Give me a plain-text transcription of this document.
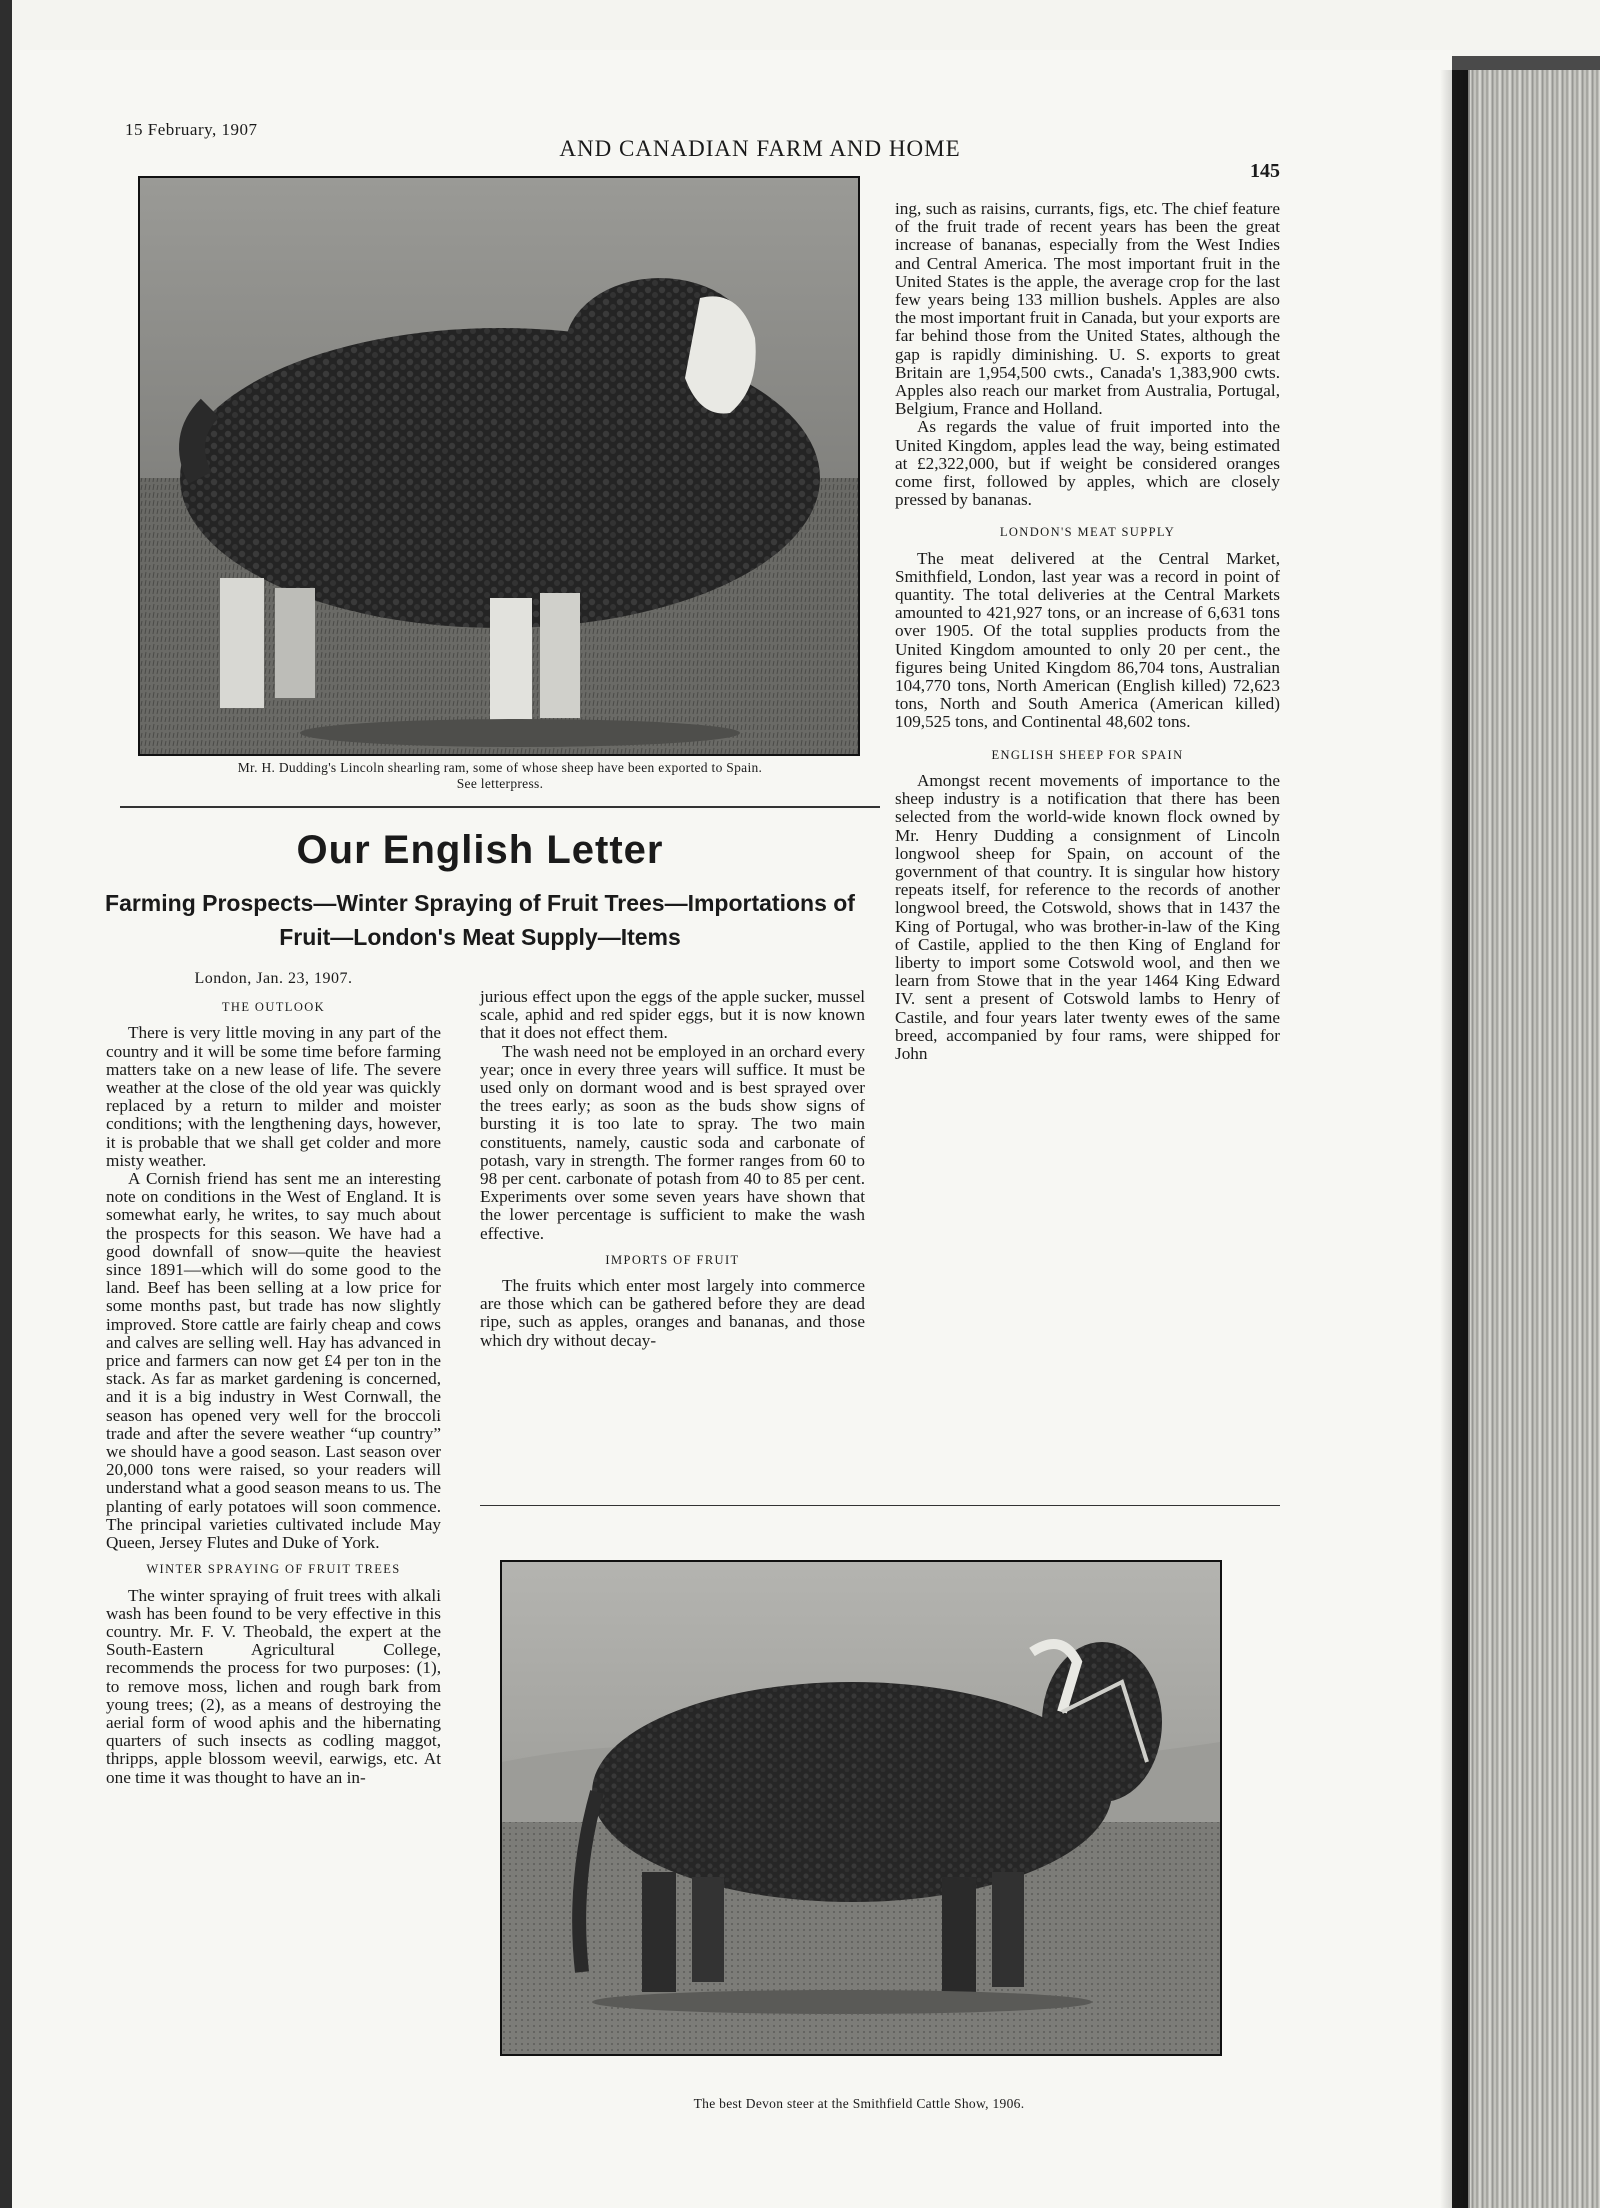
15 February, 1907
AND CANADIAN FARM AND HOME
145
Mr. H. Dudding's Lincoln shearling ram, some of whose sheep have been exported to Spain.
See letterpress.
Our English Letter
Farming Prospects—Winter Spraying of Fruit Trees—Importations of Fruit—London's Meat Supply—Items

London, Jan. 23, 1907.

THE OUTLOOK

There is very little moving in any part of the country and it will be some time before farming matters take on a new lease of life. The severe weather at the close of the old year was quickly replaced by a return to milder and moister conditions; with the lengthening days, however, it is probable that we shall get colder and more misty weather.

A Cornish friend has sent me an interesting note on conditions in the West of England. It is somewhat early, he writes, to say much about the prospects for this season. We have had a good downfall of snow—quite the heaviest since 1891—which will do some good to the land. Beef has been selling at a low price for some months past, but trade has now slightly improved. Store cattle are fairly cheap and cows and calves are selling well. Hay has advanced in price and farmers can now get £4 per ton in the stack. As far as market gardening is concerned, and it is a big industry in West Cornwall, the season has opened very well for the broccoli trade and after the severe weather “up country” we should have a good season. Last season over 20,000 tons were raised, so your readers will understand what a good season means to us. The planting of early potatoes will soon commence. The principal varieties cultivated include May Queen, Jersey Flutes and Duke of York.

WINTER SPRAYING OF FRUIT TREES

The winter spraying of fruit trees with alkali wash has been found to be very effective in this country. Mr. F. V. Theobald, the expert at the South-Eastern Agricultural College, recommends the process for two purposes: (1), to remove moss, lichen and rough bark from young trees; (2), as a means of destroying the aerial form of wood aphis and the hibernating quarters of such insects as codling maggot, thripps, apple blossom weevil, earwigs, etc. At one time it was thought to have an in-

jurious effect upon the eggs of the apple sucker, mussel scale, aphid and red spider eggs, but it is now known that it does not effect them.

The wash need not be employed in an orchard every year; once in every three years will suffice. It must be used only on dormant wood and is best sprayed over the trees early; as soon as the buds show signs of bursting it is too late to spray. The two main constituents, namely, caustic soda and carbonate of potash, vary in strength. The former ranges from 60 to 98 per cent. carbonate of potash from 40 to 85 per cent. Experiments over some seven years have shown that the lower percentage is sufficient to make the wash effective.

IMPORTS OF FRUIT

The fruits which enter most largely into commerce are those which can be gathered before they are dead ripe, such as apples, oranges and bananas, and those which dry without decay-

ing, such as raisins, currants, figs, etc. The chief feature of the fruit trade of recent years has been the great increase of bananas, especially from the West Indies and Central America. The most important fruit in the United States is the apple, the average crop for the last few years being 133 million bushels. Apples are also the most important fruit in Canada, but your exports are far behind those from the United States, although the gap is rapidly diminishing. U. S. exports to great Britain are 1,954,500 cwts., Canada's 1,383,900 cwts. Apples also reach our market from Australia, Portugal, Belgium, France and Holland.

As regards the value of fruit imported into the United Kingdom, apples lead the way, being estimated at £2,322,000, but if weight be considered oranges come first, followed by apples, which are closely pressed by bananas.

LONDON'S MEAT SUPPLY

The meat delivered at the Central Market, Smithfield, London, last year was a record in point of quantity. The total deliveries at the Central Markets amounted to 421,927 tons, or an increase of 6,631 tons over 1905. Of the total supplies products from the United Kingdom amounted to only 20 per cent., the figures being United Kingdom 86,704 tons, Australian 104,770 tons, North American (English killed) 72,623 tons, North and South America (American killed) 109,525 tons, and Continental 48,602 tons.

ENGLISH SHEEP FOR SPAIN

Amongst recent movements of importance to the sheep industry is a notification that there has been selected from the world-wide known flock owned by Mr. Henry Dudding a consignment of Lincoln longwool sheep for Spain, on account of the government of that country. It is singular how history repeats itself, for reference to the records of another longwool breed, the Cotswold, shows that in 1437 the King of Portugal, who was brother-in-law of the King of Castile, applied to the then King of England for liberty to import some Cotswold wool, and then we learn from Stowe that in the year 1464 King Edward IV. sent a present of Cotswold lambs to Henry of Castile, and four years later twenty ewes of the same breed, accompanied by four rams, were shipped for John

The best Devon steer at the Smithfield Cattle Show, 1906.
